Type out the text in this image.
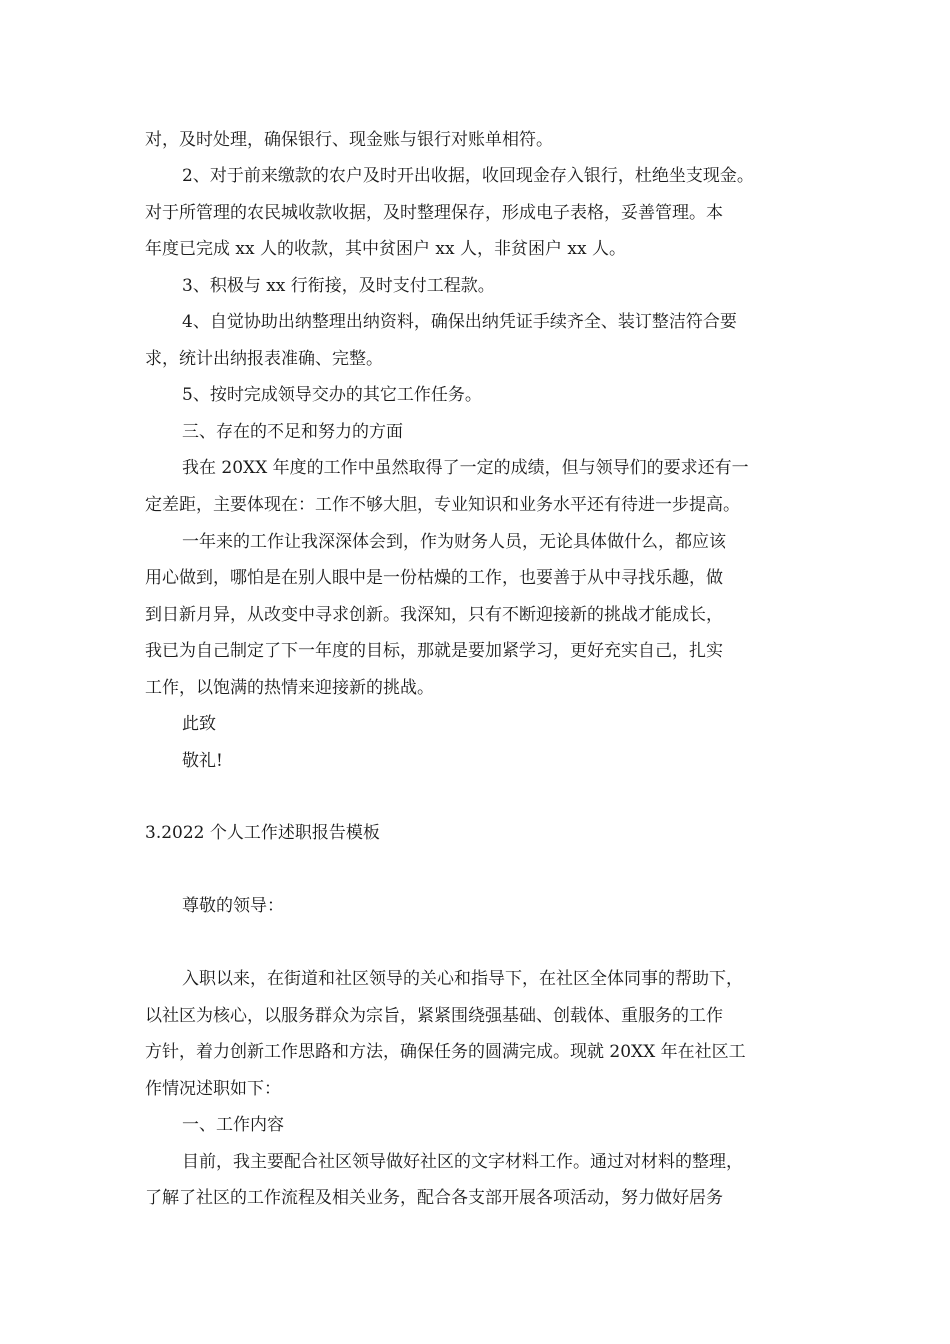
对，及时处理，确保银行、现金账与银行对账单相符。
2、对于前来缴款的农户及时开出收据，收回现金存入银行，杜绝坐支现金。
对于所管理的农民城收款收据，及时整理保存，形成电子表格，妥善管理。本
年度已完成 xx 人的收款，其中贫困户 xx 人，非贫困户 xx 人。
3、积极与 xx 行衔接，及时支付工程款。
4、自觉协助出纳整理出纳资料，确保出纳凭证手续齐全、装订整洁符合要
求，统计出纳报表准确、完整。
5、按时完成领导交办的其它工作任务。
三、存在的不足和努力的方面
我在 20XX 年度的工作中虽然取得了一定的成绩，但与领导们的要求还有一
定差距，主要体现在：工作不够大胆，专业知识和业务水平还有待进一步提高。
一年来的工作让我深深体会到，作为财务人员，无论具体做什么，都应该
用心做到，哪怕是在别人眼中是一份枯燥的工作，也要善于从中寻找乐趣，做
到日新月异，从改变中寻求创新。我深知，只有不断迎接新的挑战才能成长，
我已为自己制定了下一年度的目标，那就是要加紧学习，更好充实自己，扎实
工作，以饱满的热情来迎接新的挑战。
此致
敬礼!
3.2022 个人工作述职报告模板
尊敬的领导：
入职以来，在街道和社区领导的关心和指导下，在社区全体同事的帮助下，
以社区为核心，以服务群众为宗旨，紧紧围绕强基础、创载体、重服务的工作
方针，着力创新工作思路和方法，确保任务的圆满完成。现就 20XX 年在社区工
作情况述职如下：
一、工作内容
目前，我主要配合社区领导做好社区的文字材料工作。通过对材料的整理，
了解了社区的工作流程及相关业务，配合各支部开展各项活动，努力做好居务
